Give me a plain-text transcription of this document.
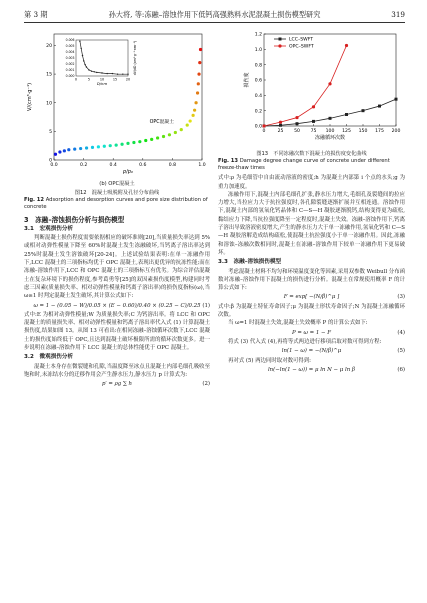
第 3 期	孙大将, 等:冻融–溶蚀作用下低钙高强熟料水泥混凝土损伤模型研究	319
0.0	0.2	0.4	0.6	0.8	1.0
0
5
10
15
20
p/p₀
V/(cm³·g⁻¹)
OPC混凝土
0	5	10	15	20
0.000
0.001
0.002
0.003
0.004
0.005
0.006
D/nm
dV/dD (cm³·g⁻¹·nm⁻¹)
(b) OPC混凝土
图12　混凝土吸脱附及孔径分布曲线
Fig. 12 Adsorption and desorption curves and pore size distribution of concrete
3　冻融–溶蚀损伤分析与损伤模型
3.1　宏观损伤分析

判断混凝土损伤程度需要依据相应的破坏准则[20],当质量损失率达到 5%或相对动弹性模量下降至 60%时混凝土发生冻融破坏,当钙离子溶出率达到 25%时混凝土发生溶蚀破坏[20-24]。上述试验结果表明:在单一冻融作用下,LCC 混凝土的三项指标均优于 OPC 混凝土,表现出更优异的抗冻性能;而在冻融–溶蚀作用下,LCC 和 OPC 混凝土的三项指标互有优劣。为综合评估混凝土在复杂环境下的损伤程度,参考葛勇等[25]的双因素损伤度模型,构建同时考虑三因素(质量损失率、相对动弹性模量和钙离子溶出率)的损伤度指标(ω),当 ω≥1 时判定混凝土发生破坏,其计算公式如下:

ω = 1 − (0.05 − W)/0.05 × (E − 0.60)/0.40 × (0.25 − C)/0.25 (1)

式中:E 为相对动弹性模量;W 为质量损失率;C 为钙溶出率。将 LCC 和 OPC 混凝土的质量损失率、相对动弹性模量和钙离子溶出率代入式 (1) 计算混凝土损伤度,结果如图 13。从图 13 可看出:在相同冻融–溶蚀循环次数下,LCC 混凝土的损伤度始终低于 OPC,且达到混凝土破坏极限所需的循环次数更多。进一步说明在冻融–溶蚀作用下 LCC 混凝土的总体性能优于 OPC 混凝土。

3.2　微观损伤分析

混凝土本身存在微裂缝和孔隙,当温度降至冰点且混凝土内部毛细孔吸收至饱和时,未冻结水分的迁移作用会产生静水压力,静水压力 p 计算式为:

p′ = ρg ∑ h	(2)
0	25 50 75 100 125 150 175 200
0.0
0.2
0.4
0.6
0.8
1.0
1.2
冻融循环次数
损伤度
LCC–SWFT
OPC–SWFT
图13　不同冻融次数下混凝土的损伤度变化曲线
Fig. 13 Damage degree change curve of concrete under different freeze-thaw times

式中:ρ 为毛细管中自由流动溶液的密度;h 为混凝土内部第 i 个点的水头;g 为重力加速度。

冻融作用下,混凝土内部毛细孔扩张,静水压力增大,毛细孔及裂缝间的拉应力增大,当拉应力大于抗拉强度时,各孔隙裂缝逐渐扩展并互相连通。溶蚀作用下,混凝土内部的氢氧化钙晶体和 C—S—H 凝胶逐渐脱钙,结构变得更为疏松,黏结应力下降,当抗拉强度降至一定程度时,混凝土失效。冻融–溶蚀作用下,钙离子溶出导致溶液密度增大,产生的静水压力大于单一冻融作用,氢氧化钙和 C—S—H 凝胶溶解造成结构疏松,使混凝土抗拉强度小于单一冻融作用。因此,冻融和溶蚀–冻融次数相同时,混凝土在冻融–溶蚀作用下较单一冻融作用下更易破坏。

3.3　冻融–溶蚀损伤模型

考虑混凝土材料不均匀和环境温度变化等因素,采用双参数 Weibull 分布函数对冻融–溶蚀作用下混凝土的损伤进行分析。混凝土在常规使用概率 F 的计算公式如下:

F = exp[ −(N/β)^μ ]	(3)

式中:β 为混凝土特征寿命因子;μ 为混凝土形状寿命因子;N 为混凝土冻融循环次数。

当 ω=1 时混凝土失效,混凝土失效概率 P 的计算公式如下:

P = ω = 1 − F	(4)

将式 (3) 代入式 (4),再将等式两边进行移项后取对数可得到方程:

ln(1 − ω) = −(N/β)^μ	(5)

再对式 (5) 两边同时取对数可得到:

ln(−ln(1 − ω)) = μ ln N − μ ln β	(6)
